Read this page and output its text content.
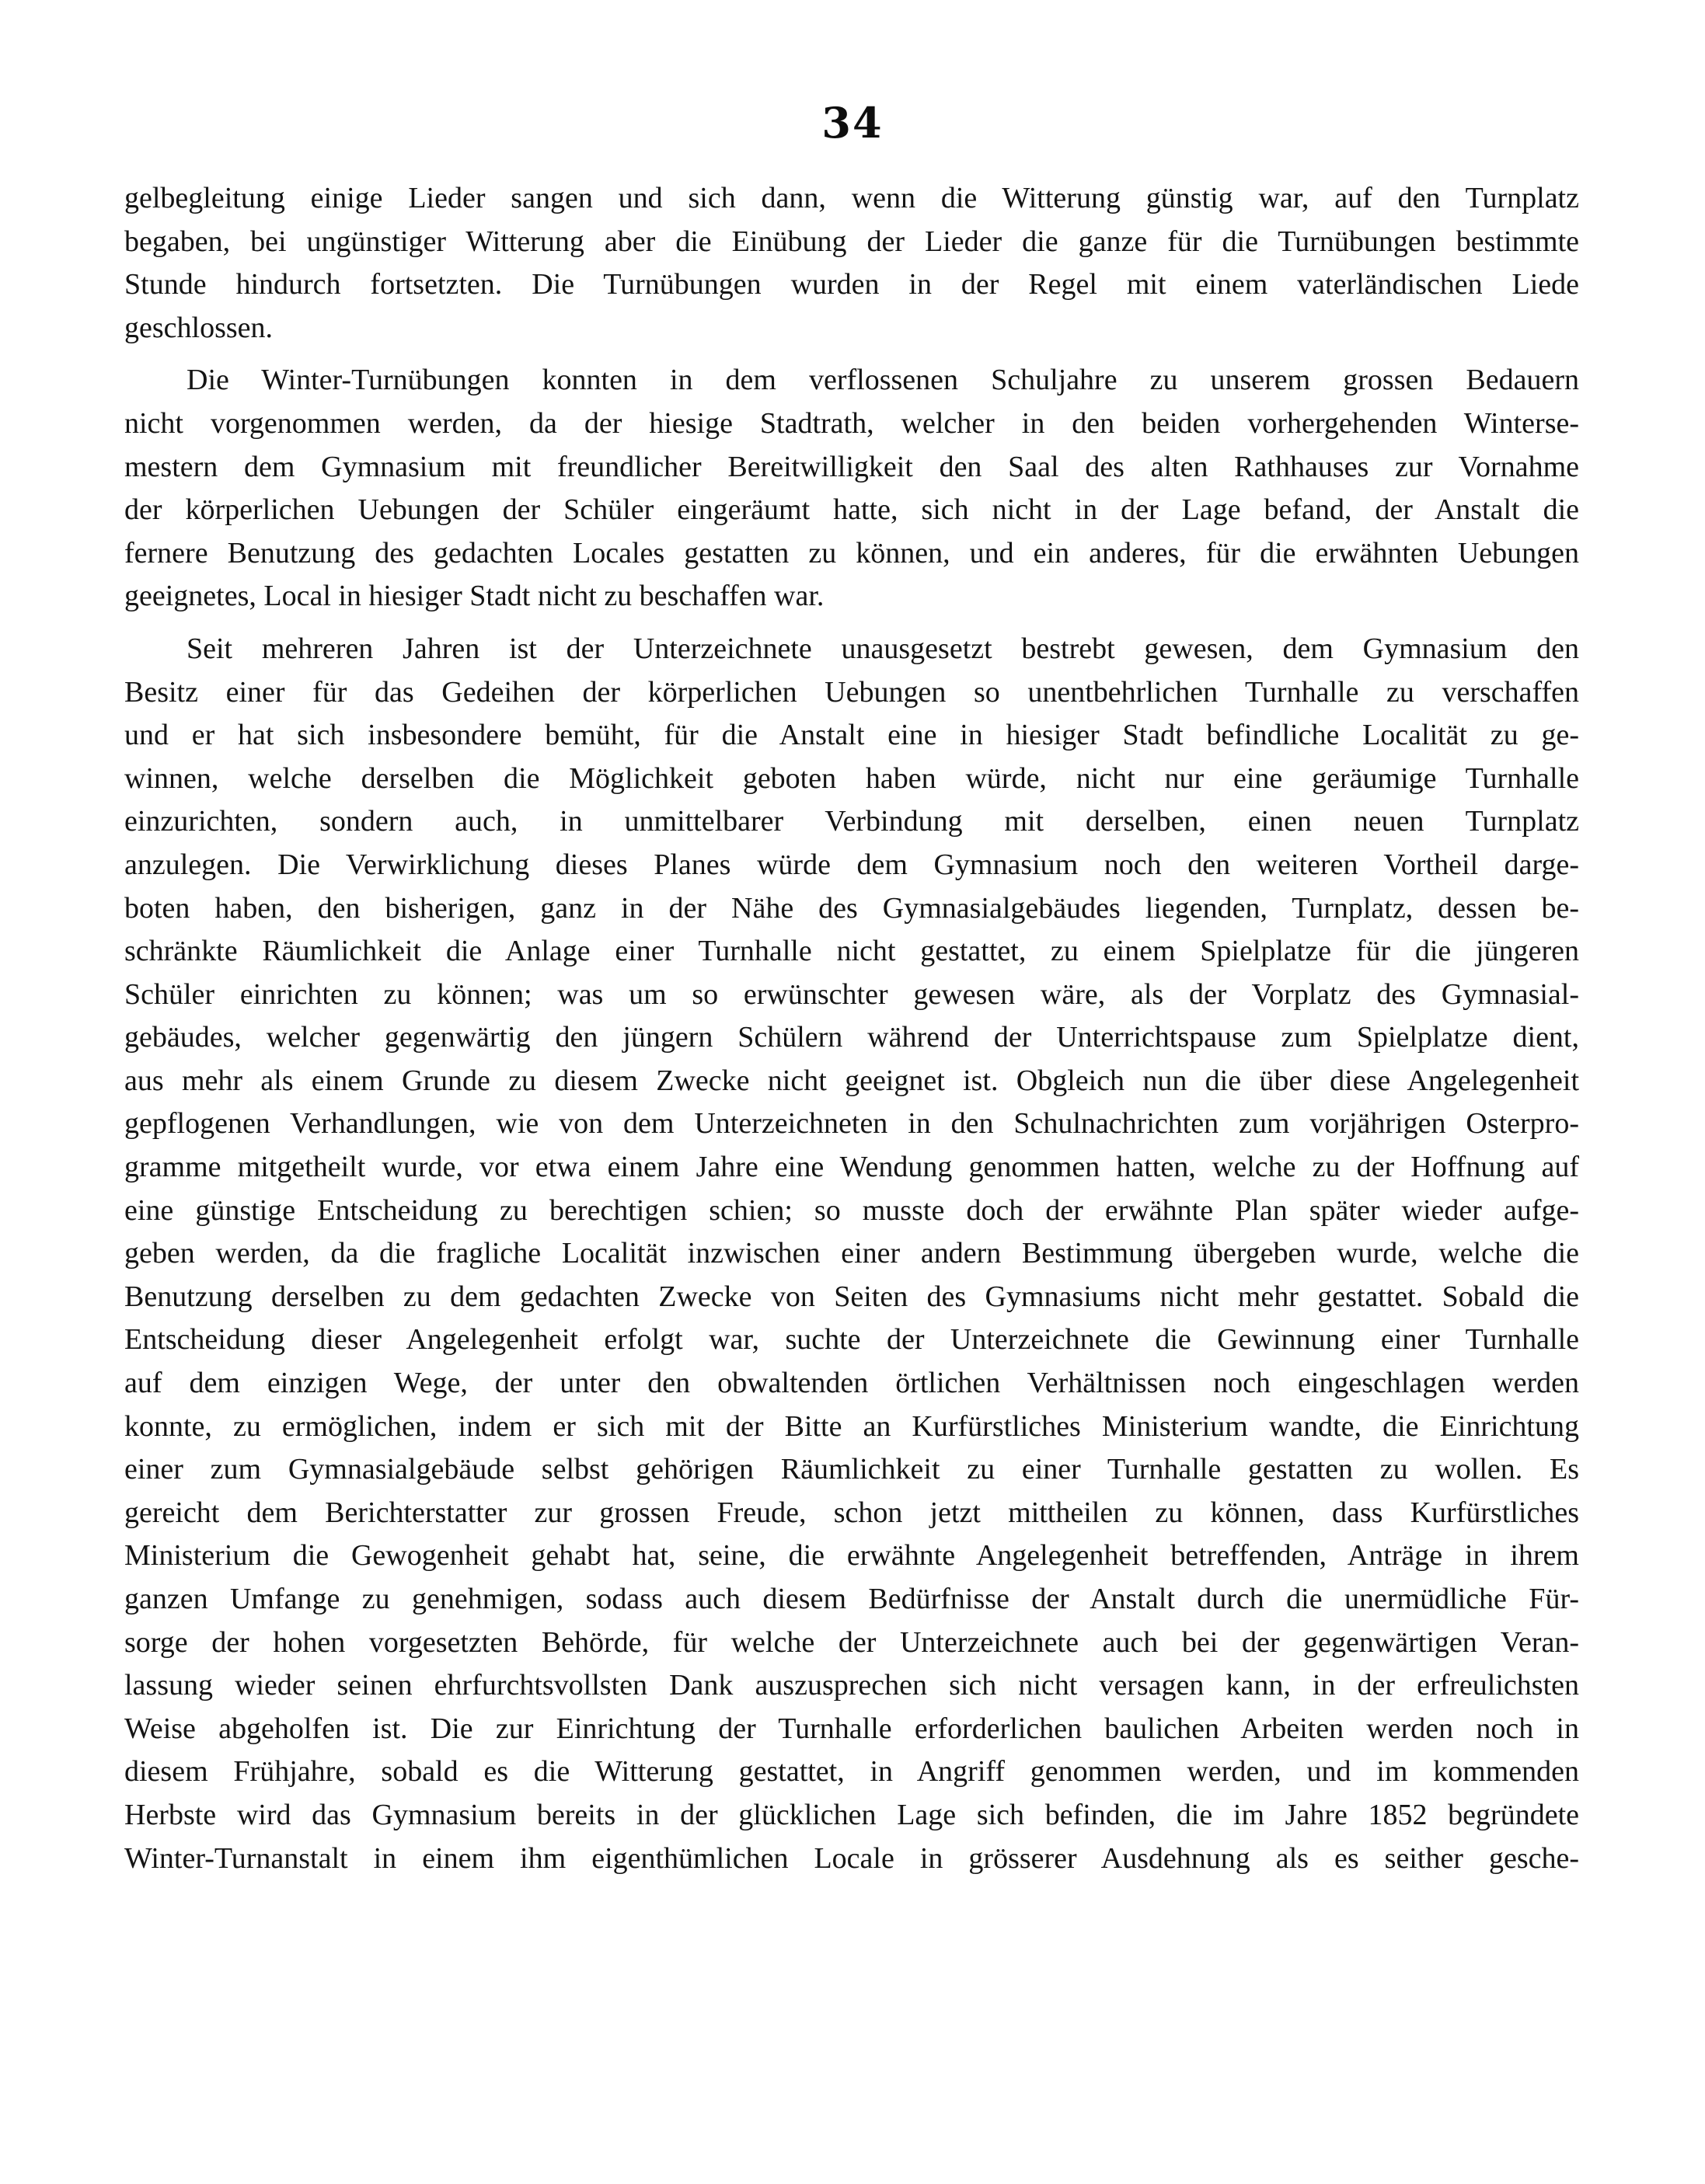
34
gelbegleitung einige Lieder sangen und sich dann, wenn die Witterung günstig war, auf den Turnplatz
begaben, bei ungünstiger Witterung aber die Einübung der Lieder die ganze für die Turnübungen bestimmte
Stunde hindurch fortsetzten. Die Turnübungen wurden in der Regel mit einem vaterländischen Liede
geschlossen.
Die Winter-Turnübungen konnten in dem verflossenen Schuljahre zu unserem grossen Bedauern
nicht vorgenommen werden, da der hiesige Stadtrath, welcher in den beiden vorhergehenden Winterse-
mestern dem Gymnasium mit freundlicher Bereitwilligkeit den Saal des alten Rathhauses zur Vornahme
der körperlichen Uebungen der Schüler eingeräumt hatte, sich nicht in der Lage befand, der Anstalt die
fernere Benutzung des gedachten Locales gestatten zu können, und ein anderes, für die erwähnten Uebungen
geeignetes, Local in hiesiger Stadt nicht zu beschaffen war.
Seit mehreren Jahren ist der Unterzeichnete unausgesetzt bestrebt gewesen, dem Gymnasium den
Besitz einer für das Gedeihen der körperlichen Uebungen so unentbehrlichen Turnhalle zu verschaffen
und er hat sich insbesondere bemüht, für die Anstalt eine in hiesiger Stadt befindliche Localität zu ge-
winnen, welche derselben die Möglichkeit geboten haben würde, nicht nur eine geräumige Turnhalle
einzurichten, sondern auch, in unmittelbarer Verbindung mit derselben, einen neuen Turnplatz
anzulegen. Die Verwirklichung dieses Planes würde dem Gymnasium noch den weiteren Vortheil darge-
boten haben, den bisherigen, ganz in der Nähe des Gymnasialgebäudes liegenden, Turnplatz, dessen be-
schränkte Räumlichkeit die Anlage einer Turnhalle nicht gestattet, zu einem Spielplatze für die jüngeren
Schüler einrichten zu können; was um so erwünschter gewesen wäre, als der Vorplatz des Gymnasial-
gebäudes, welcher gegenwärtig den jüngern Schülern während der Unterrichtspause zum Spielplatze dient,
aus mehr als einem Grunde zu diesem Zwecke nicht geeignet ist. Obgleich nun die über diese Angelegenheit
gepflogenen Verhandlungen, wie von dem Unterzeichneten in den Schulnachrichten zum vorjährigen Osterpro-
gramme mitgetheilt wurde, vor etwa einem Jahre eine Wendung genommen hatten, welche zu der Hoffnung auf
eine günstige Entscheidung zu berechtigen schien; so musste doch der erwähnte Plan später wieder aufge-
geben werden, da die fragliche Localität inzwischen einer andern Bestimmung übergeben wurde, welche die
Benutzung derselben zu dem gedachten Zwecke von Seiten des Gymnasiums nicht mehr gestattet. Sobald die
Entscheidung dieser Angelegenheit erfolgt war, suchte der Unterzeichnete die Gewinnung einer Turnhalle
auf dem einzigen Wege, der unter den obwaltenden örtlichen Verhältnissen noch eingeschlagen werden
konnte, zu ermöglichen, indem er sich mit der Bitte an Kurfürstliches Ministerium wandte, die Einrichtung
einer zum Gymnasialgebäude selbst gehörigen Räumlichkeit zu einer Turnhalle gestatten zu wollen. Es
gereicht dem Berichterstatter zur grossen Freude, schon jetzt mittheilen zu können, dass Kurfürstliches
Ministerium die Gewogenheit gehabt hat, seine, die erwähnte Angelegenheit betreffenden, Anträge in ihrem
ganzen Umfange zu genehmigen, sodass auch diesem Bedürfnisse der Anstalt durch die unermüdliche Für-
sorge der hohen vorgesetzten Behörde, für welche der Unterzeichnete auch bei der gegenwärtigen Veran-
lassung wieder seinen ehrfurchtsvollsten Dank auszusprechen sich nicht versagen kann, in der erfreulichsten
Weise abgeholfen ist. Die zur Einrichtung der Turnhalle erforderlichen baulichen Arbeiten werden noch in
diesem Frühjahre, sobald es die Witterung gestattet, in Angriff genommen werden, und im kommenden
Herbste wird das Gymnasium bereits in der glücklichen Lage sich befinden, die im Jahre 1852 begründete
Winter-Turnanstalt in einem ihm eigenthümlichen Locale in grösserer Ausdehnung als es seither gesche-
